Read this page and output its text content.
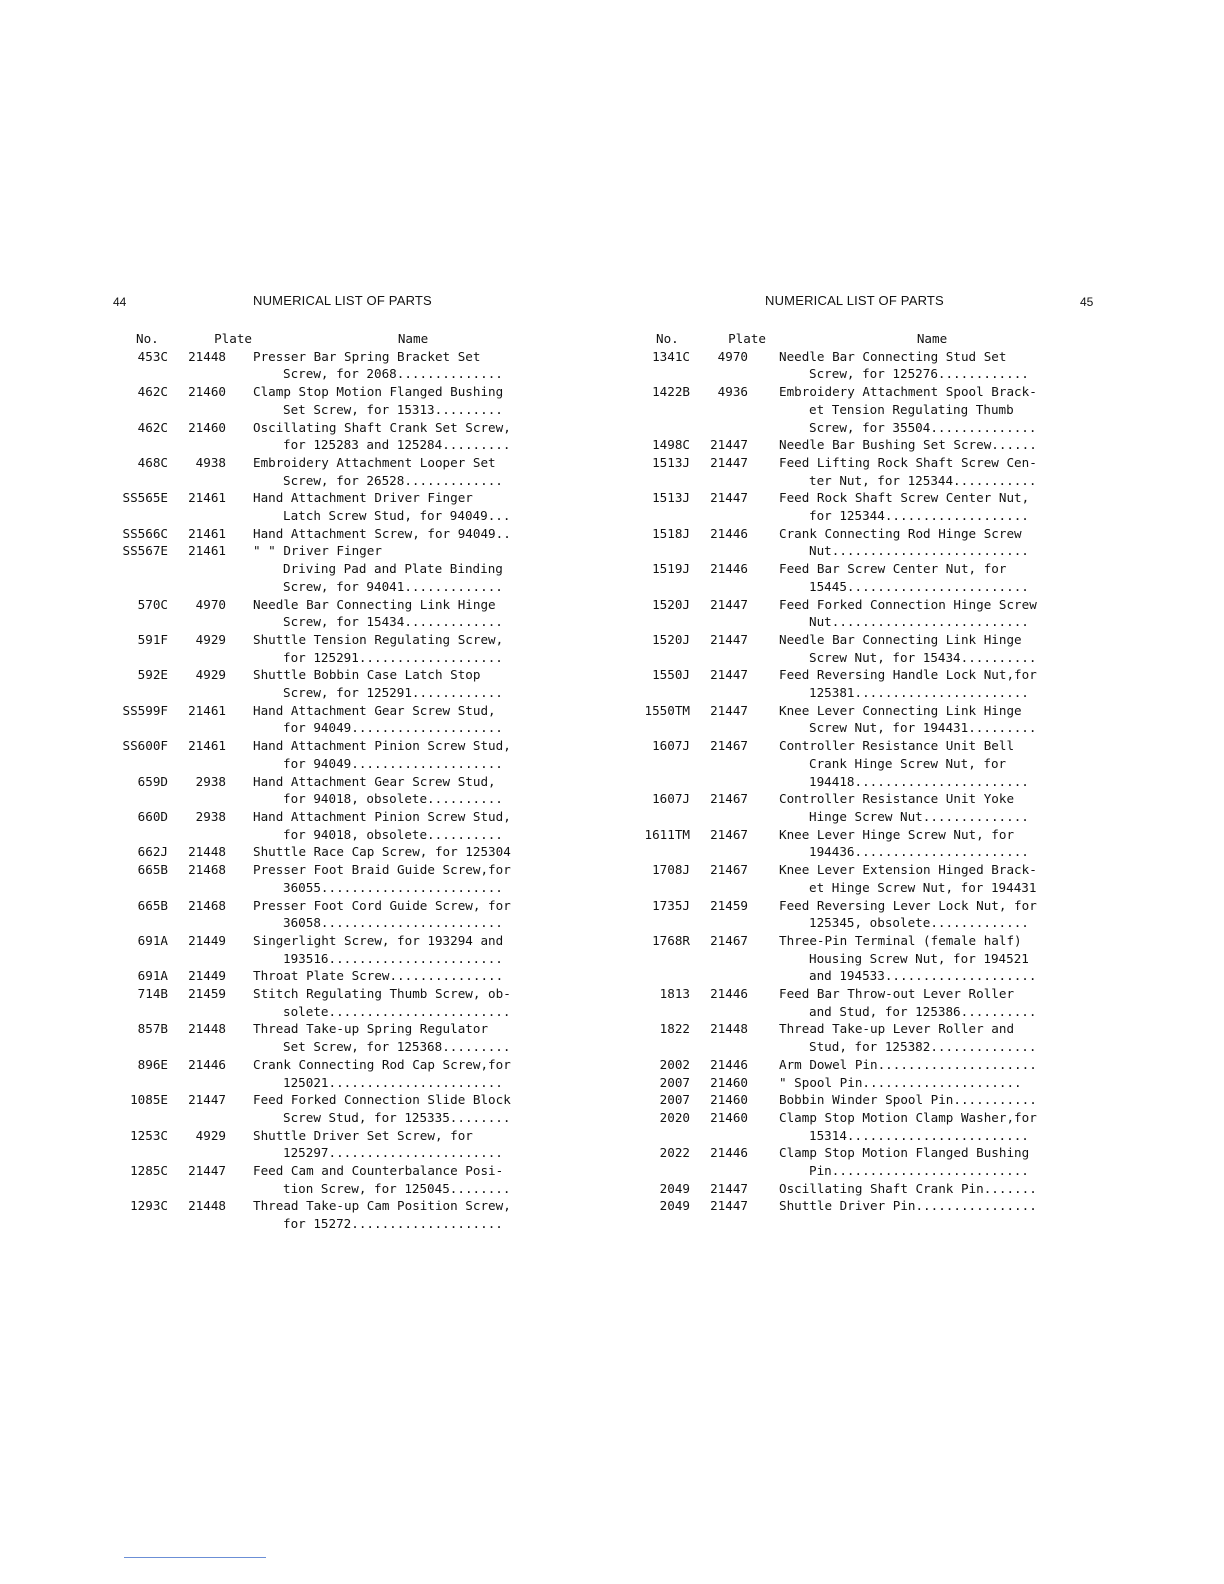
44	NUMERICAL LIST OF PARTS	NUMERICAL LIST OF PARTS	45
No.	Plate	Name
453C	21448 Presser Bar Spring Bracket Set
Screw, for 2068..............
462C	21460 Clamp Stop Motion Flanged Bushing
Set Screw, for 15313.........
462C	21460 Oscillating Shaft Crank Set Screw,
for 125283 and 125284.........
468C	4938 Embroidery Attachment Looper Set
Screw, for 26528.............
SS565E	21461 Hand Attachment Driver Finger
Latch Screw Stud, for 94049...
SS566C	21461 Hand Attachment Screw, for 94049..
SS567E	21461 " " Driver Finger
Driving Pad and Plate Binding
Screw, for 94041.............
570C	4970 Needle Bar Connecting Link Hinge
Screw, for 15434.............
591F	4929 Shuttle Tension Regulating Screw,
for 125291...................
592E	4929 Shuttle Bobbin Case Latch Stop
Screw, for 125291............
SS599F	21461 Hand Attachment Gear Screw Stud,
for 94049....................
SS600F	21461 Hand Attachment Pinion Screw Stud,
for 94049....................
659D	2938 Hand Attachment Gear Screw Stud,
for 94018, obsolete..........
660D	2938 Hand Attachment Pinion Screw Stud,
for 94018, obsolete..........
662J	21448 Shuttle Race Cap Screw, for 125304
665B	21468 Presser Foot Braid Guide Screw,for
36055........................
665B	21468 Presser Foot Cord Guide Screw, for
36058........................
691A	21449 Singerlight Screw, for 193294 and
193516.......................
691A	21449 Throat Plate Screw...............
714B	21459 Stitch Regulating Thumb Screw, ob-
solete........................
857B	21448 Thread Take-up Spring Regulator
Set Screw, for 125368.........
896E	21446 Crank Connecting Rod Cap Screw,for
125021.......................
1085E	21447 Feed Forked Connection Slide Block
Screw Stud, for 125335........
1253C	4929 Shuttle Driver Set Screw, for
125297.......................
1285C	21447 Feed Cam and Counterbalance Posi-
tion Screw, for 125045........
1293C	21448 Thread Take-up Cam Position Screw,
for 15272....................
No.	Plate	Name
1341C	4970 Needle Bar Connecting Stud Set
Screw, for 125276............
1422B	4936 Embroidery Attachment Spool Brack-
et Tension Regulating Thumb
Screw, for 35504..............
1498C	21447 Needle Bar Bushing Set Screw......
1513J	21447 Feed Lifting Rock Shaft Screw Cen-
ter Nut, for 125344...........
1513J	21447 Feed Rock Shaft Screw Center Nut,
for 125344...................
1518J	21446 Crank Connecting Rod Hinge Screw
Nut..........................
1519J	21446 Feed Bar Screw Center Nut, for
15445........................
1520J	21447 Feed Forked Connection Hinge Screw
Nut..........................
1520J	21447 Needle Bar Connecting Link Hinge
Screw Nut, for 15434..........
1550J	21447 Feed Reversing Handle Lock Nut,for
125381.......................
1550TM	21447 Knee Lever Connecting Link Hinge
Screw Nut, for 194431.........
1607J	21467 Controller Resistance Unit Bell
Crank Hinge Screw Nut, for
194418.......................
1607J	21467 Controller Resistance Unit Yoke
Hinge Screw Nut..............
1611TM	21467 Knee Lever Hinge Screw Nut, for
194436.......................
1708J	21467 Knee Lever Extension Hinged Brack-
et Hinge Screw Nut, for 194431
1735J	21459 Feed Reversing Lever Lock Nut, for
125345, obsolete.............
1768R	21467 Three-Pin Terminal (female half)
Housing Screw Nut, for 194521
and 194533....................
1813	21446 Feed Bar Throw-out Lever Roller
and Stud, for 125386..........
1822	21448 Thread Take-up Lever Roller and
Stud, for 125382..............
2002	21446 Arm Dowel Pin.....................
2007	21460 " Spool Pin.....................
2007	21460 Bobbin Winder Spool Pin...........
2020	21460 Clamp Stop Motion Clamp Washer,for
15314........................
2022	21446 Clamp Stop Motion Flanged Bushing
Pin..........................
2049	21447 Oscillating Shaft Crank Pin.......
2049	21447 Shuttle Driver Pin................
